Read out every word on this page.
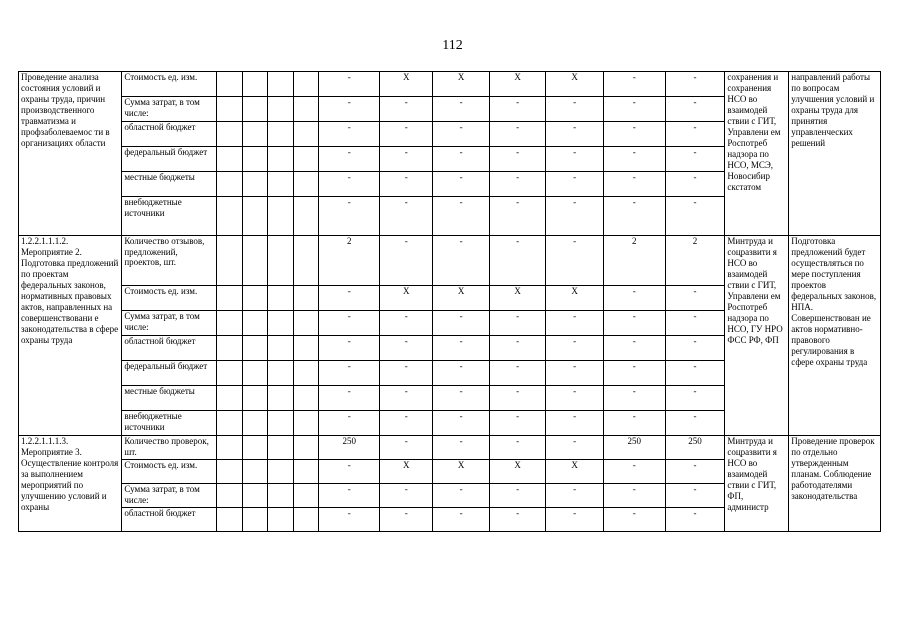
112
Проведение анализа состояния условий и охраны труда, причин производственного травматизма и профзаболеваемос ти в организациях области	Стоимость ед. изм.					-	Х	Х	Х	Х	-	-	сохранения и сохранения НСО во взаимодей ствии с ГИТ, Управлени ем Роспотреб надзора по НСО, МСЭ, Новосибир скстатом	направлений работы по вопросам улучшения условий и охраны труда для принятия управленческих решений
	Сумма затрат, в том числе:					-	-	-	-	-	-	-		
	областной бюджет					-	-	-	-	-	-	-		
	федеральный бюджет					-	-	-	-	-	-	-		
	местные бюджеты					-	-	-	-	-	-	-		
	внебюджетные источники					-	-	-	-	-	-	-		
1.2.2.1.1.1.2. Мероприятие 2. Подготовка предложений по проектам федеральных законов, нормативных правовых актов, направленных на совершенствовани е законодательства в сфере охраны труда	Количество отзывов, предложений, проектов, шт.					2	-	-	-	-	2	2	Минтруда и соцразвити я НСО во взаимодей ствии с ГИТ, Управлени ем Роспотреб надзора по НСО, ГУ НРО ФСС РФ, ФП	Подготовка предложений будет осуществляться по мере поступления проектов федеральных законов, НПА. Совершенствован ие актов нормативно-правового регулирования в сфере охраны труда
	Стоимость ед. изм.					-	Х	Х	Х	Х	-	-		
	Сумма затрат, в том числе:					-	-	-	-	-	-	-		
	областной бюджет					-	-	-	-	-	-	-		
	федеральный бюджет					-	-	-	-	-	-	-		
	местные бюджеты					-	-	-	-	-	-	-		
	внебюджетные источники					-	-	-	-	-	-	-		
1.2.2.1.1.1.3. Мероприятие 3. Осуществление контроля за выполнением мероприятий по улучшению условий и охраны	Количество проверок, шт.					250	-	-	-	-	250	250	Минтруда и соцразвити я НСО во взаимодей ствии с ГИТ, ФП, администр	Проведение проверок по отдельно утвержденным планам. Соблюдение работодателями законодательства
	Стоимость ед. изм.					-	Х	Х	Х	Х	-	-		
	Сумма затрат, в том числе:					-	-	-	-	-	-	-		
	областной бюджет					-	-	-	-	-	-	-		
